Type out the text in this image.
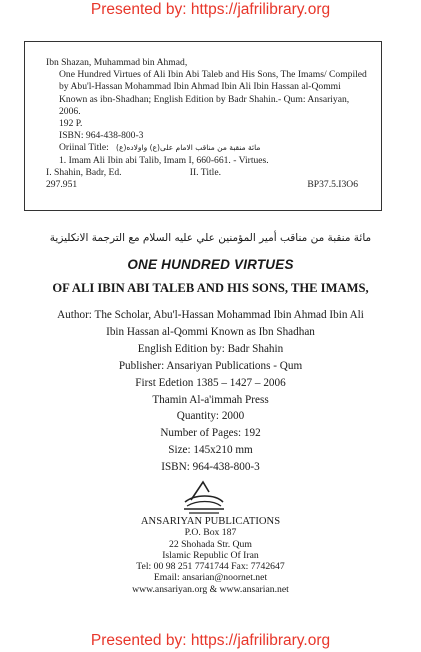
Presented by: https://jafrilibrary.org
Ibn Shazan, Muhammad bin Ahmad,
One Hundred Virtues of Ali Ibin Abi Taleb and His Sons, The Imams/ Compiled by Abu'l-Hassan Mohammad Ibin Ahmad Ibin Ali Ibin Hassan al-Qommi Known as ibn-Shadhan; English Edition by Badr Shahin.- Qum: Ansariyan, 2006.
192 P.
ISBN: 964-438-800-3
Oriinal Title: مائة منقبة من مناقب الامام علی(ع) واولاده(ع)
1. Imam Ali Ibin abi Talib, Imam I, 660-661. - Virtues.
I. Shahin, Badr, Ed.	II. Title.
297.951	BP37.5.I3O6
مائة منقبة من مناقب أمير المؤمنين علي عليه السلام مع الترجمة الانكليزية
ONE HUNDRED VIRTUES
OF ALI IBIN ABI TALEB AND HIS SONS, THE IMAMS,
Author: The Scholar, Abu'l-Hassan Mohammad Ibin Ahmad Ibin Ali
Ibin Hassan al-Qommi Known as Ibn Shadhan
English Edition by: Badr Shahin
Publisher: Ansariyan Publications - Qum
First Edetion 1385 – 1427 – 2006
Thamin Al-a'immah Press
Quantity: 2000
Number of Pages: 192
Size: 145x210 mm
ISBN: 964-438-800-3
ANSARIYAN PUBLICATIONS
P.O. Box 187
22 Shohada Str. Qum
Islamic Republic Of Iran
Tel: 00 98 251 7741744 Fax: 7742647
Email: ansarian@noornet.net
www.ansariyan.org & www.ansarian.net
Presented by: https://jafrilibrary.org
